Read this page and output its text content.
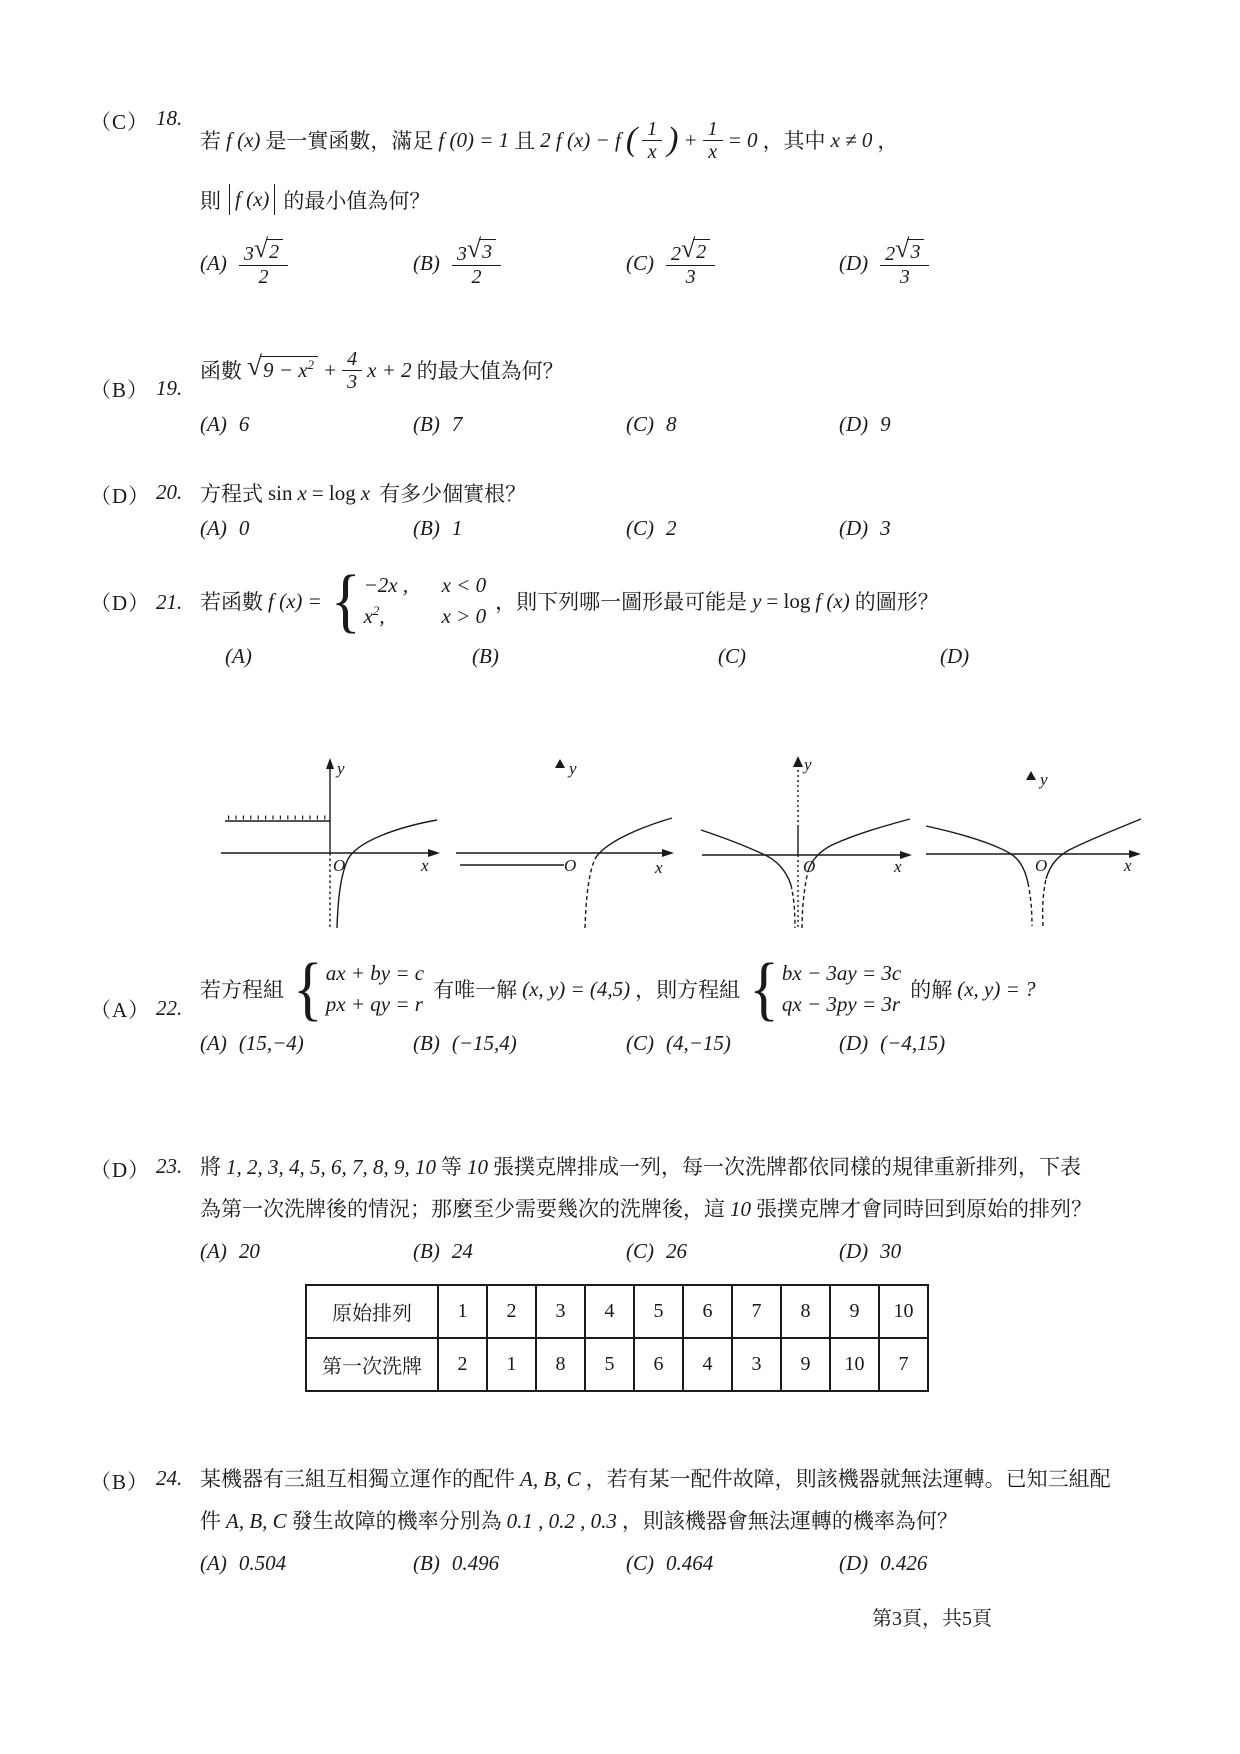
（C） 18.
若 f (x) 是一實函數，滿足 f (0) = 1 且 2 f (x) − f ( $\frac{1}{x}$ ) + $\frac{1}{x} = 0$ ，其中 x ≠ 0 ，
則 f (x) 的最小值為何？
$(A) \frac{3 √ 2}{2}$	$(B) \frac{3 √ 3}{2}$	$(C) \frac{2 √ 2}{3}$	$(D) \frac{2 √ 3}{3}$
（B） 19.
函數 √ $9 - x^2 + \frac{4}{3}$ x + 2 的最大值為何？
(A) 6	(B) 7	(C) 8	(D) 9
（D） 20. 方程式 sin x = log x 有多少個實根？
(A) 0	(B) 1	(C) 2	(D) 3
（D） 21. 若函數 f (x) = { −2x ,	x < 0
$x^2$,	x > 0
，則下列哪一圖形最可能是 y = log f (x) 的圖形？
(A)	(B)	(C)	(D)
y
O	x
y
O	x
y
O	x
y
O	x
（A） 22.
若方程組 { ax + by = c
px + qy = r
有唯一解 (x, y) = (4,5) ，則方程組 { bx − 3ay = 3c
qx − 3py = 3r
的解 (x, y) = ?
(A) (15,−4)	(B) (−15,4)	(C) (4,−15)	(D) (−4,15)
（D） 23. 將 1, 2, 3, 4, 5, 6, 7, 8, 9, 10 等 10 張撲克牌排成一列，每一次洗牌都依同樣的規律重新排列，下表
為第一次洗牌後的情況；那麼至少需要幾次的洗牌後，這 10 張撲克牌才會同時回到原始的排列？
(A) 20	(B) 24	(C) 26	(D) 30
原始排列	1	2	3	4	5	6	7	8	9	10
第一次洗牌	2	1	8	5	6	4	3	9	10	7
（B） 24. 某機器有三組互相獨立運作的配件 A, B, C ，若有某一配件故障，則該機器就無法運轉。已知三組配
件 A, B, C 發生故障的機率分別為 0.1 , 0.2 , 0.3 ，則該機器會無法運轉的機率為何？
(A) 0.504	(B) 0.496	(C) 0.464	(D) 0.426
第3頁，共5頁
